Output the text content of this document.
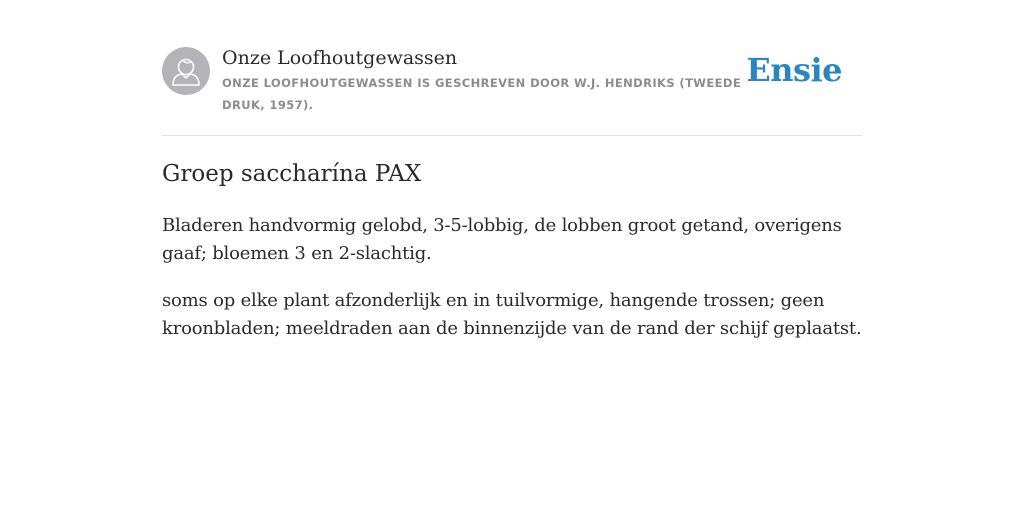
Onze Loofhoutgewassen
ONZE LOOFHOUTGEWASSEN IS GESCHREVEN DOOR W.J. HENDRIKS (TWEEDE DRUK, 1957).
Ensie
Groep saccharína PAX

Bladeren handvormig gelobd, 3-5-lobbig, de lobben groot getand, overigens gaaf; bloemen 3 en 2-slachtig.

soms op elke plant afzonderlijk en in tuilvormige, hangende trossen; geen kroonbladen; meeldraden aan de binnenzijde van de rand der schijf geplaatst.
